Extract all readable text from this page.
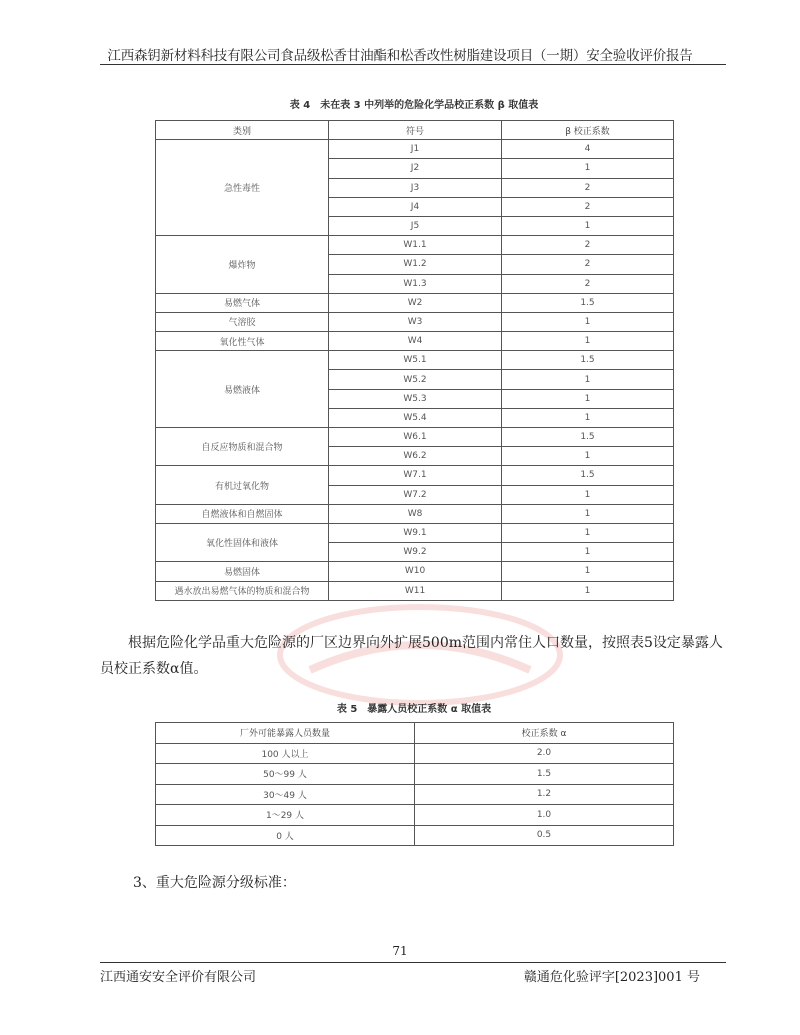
江西森钥新材料科技有限公司食品级松香甘油酯和松香改性树脂建设项目（一期）安全验收评价报告
表 4　未在表 3 中列举的危险化学品校正系数 β 取值表
类别	符号	β 校正系数
急性毒性	J1	4
	J2	1
	J3	2
	J4	2
	J5	1
爆炸物	W1.1	2
	W1.2	2
	W1.3	2
易燃气体	W2	1.5
气溶胶	W3	1
氧化性气体	W4	1
易燃液体	W5.1	1.5
	W5.2	1
	W5.3	1
	W5.4	1
自反应物质和混合物	W6.1	1.5
	W6.2	1
有机过氧化物	W7.1	1.5
	W7.2	1
自燃液体和自燃固体	W8	1
氧化性固体和液体	W9.1	1
	W9.2	1
易燃固体	W10	1
遇水放出易燃气体的物质和混合物	W11	1

根据危险化学品重大危险源的厂区边界向外扩展500m范围内常住人口数量，按照表5设定暴露人员校正系数α值。

表 5　暴露人员校正系数 α 取值表
厂外可能暴露人员数量	校正系数 α
100 人以上	2.0
50～99 人	1.5
30～49 人	1.2
1～29 人	1.0
0 人	0.5
3、重大危险源分级标准：
71
江西通安安全评价有限公司	赣通危化验评字[2023]001 号
